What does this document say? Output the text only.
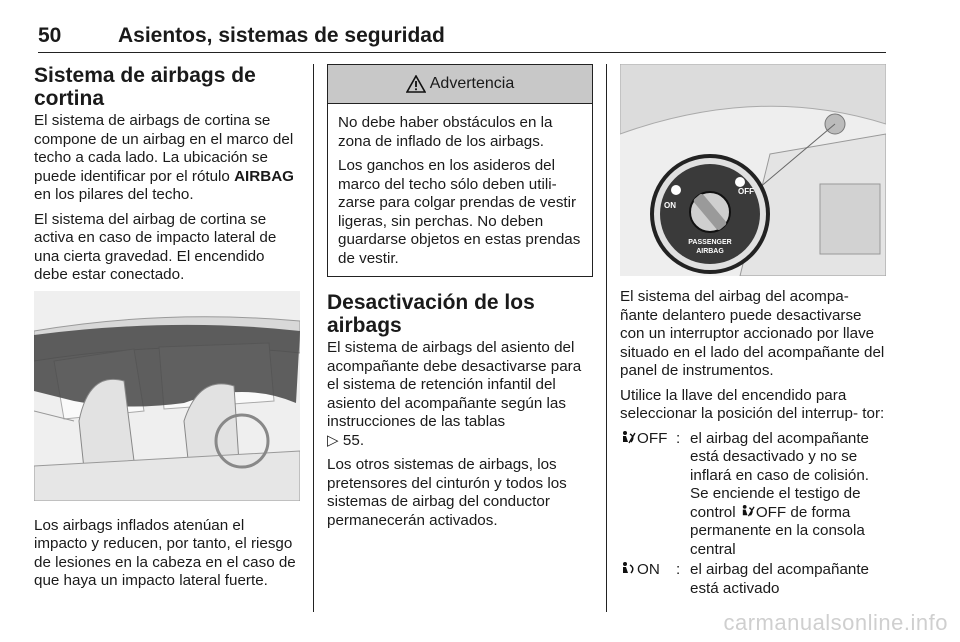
50	Asientos, sistemas de seguridad
Sistema de airbags de cortina

El sistema de airbags de cortina se compone de un airbag en el marco del techo a cada lado. La ubicación se puede identificar por el rótulo AIRBAG en los pilares del techo.

El sistema del airbag de cortina se activa en caso de impacto lateral de una cierta gravedad. El encendido debe estar conectado.

Los airbags inflados atenúan el impacto y reducen, por tanto, el riesgo de lesiones en la cabeza en el caso de que haya un impacto lateral fuerte.

Advertencia

No debe haber obstáculos en la zona de inflado de los airbags.

Los ganchos en los asideros del marco del techo sólo deben utili- zarse para colgar prendas de vestir ligeras, sin perchas. No deben guardarse objetos en estas prendas de vestir.

Desactivación de los airbags

El sistema de airbags del asiento del acompañante debe desactivarse para el sistema de retención infantil del asiento del acompañante según las instrucciones de las tablas
▷ 55.

Los otros sistemas de airbags, los pretensores del cinturón y todos los sistemas de airbag del conductor permanecerán activados.

ON
OFF
PASSENGER
AIRBAG

El sistema del airbag del acompa- ñante delantero puede desactivarse con un interruptor accionado por llave situado en el lado del acompañante del panel de instrumentos.

Utilice la llave del encendido para seleccionar la posición del interrup- tor:

OFF : el airbag del acompañante está desactivado y no se inflará en caso de colisión. Se enciende el testigo de control OFF de forma permanente en la consola central
ON : el airbag del acompañante está activado
carmanualsonline.info
